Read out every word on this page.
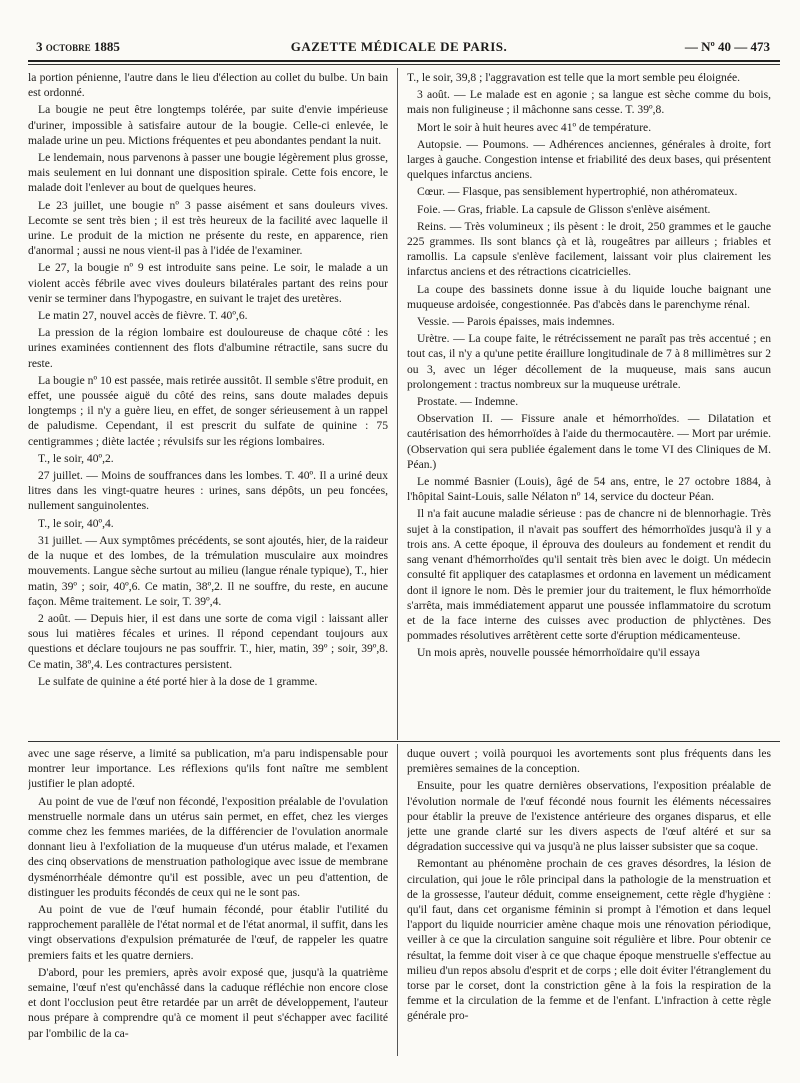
3 octobre 1885	GAZETTE MÉDICALE DE PARIS.	— Nº 40 — 473

la portion pénienne, l'autre dans le lieu d'élection au collet du bulbe. Un bain est ordonné.

La bougie ne peut être longtemps tolérée, par suite d'envie impérieuse d'uriner, impossible à satisfaire autour de la bougie. Celle-ci enlevée, le malade urine un peu. Mictions fréquentes et peu abondantes pendant la nuit.

Le lendemain, nous parvenons à passer une bougie légèrement plus grosse, mais seulement en lui donnant une disposition spirale. Cette fois encore, le malade doit l'enlever au bout de quelques heures.

Le 23 juillet, une bougie nº 3 passe aisément et sans douleurs vives. Lecomte se sent très bien ; il est très heureux de la facilité avec laquelle il urine. Le produit de la miction ne présente du reste, en apparence, rien d'anormal ; aussi ne nous vient-il pas à l'idée de l'examiner.

Le 27, la bougie nº 9 est introduite sans peine. Le soir, le malade a un violent accès fébrile avec vives douleurs bilatérales partant des reins pour venir se terminer dans l'hypogastre, en suivant le trajet des uretères.

Le matin 27, nouvel accès de fièvre. T. 40º,6.

La pression de la région lombaire est douloureuse de chaque côté : les urines examinées contiennent des flots d'albumine rétractile, sans sucre du reste.

La bougie nº 10 est passée, mais retirée aussitôt. Il semble s'être produit, en effet, une poussée aiguë du côté des reins, sans doute malades depuis longtemps ; il n'y a guère lieu, en effet, de songer sérieusement à un rappel de paludisme. Cependant, il est prescrit du sulfate de quinine : 75 centigrammes ; diète lactée ; révulsifs sur les régions lombaires.

T., le soir, 40º,2.

27 juillet. — Moins de souffrances dans les lombes. T. 40º. Il a uriné deux litres dans les vingt-quatre heures : urines, sans dépôts, un peu foncées, nullement sanguinolentes.

T., le soir, 40º,4.

31 juillet. — Aux symptômes précédents, se sont ajoutés, hier, de la raideur de la nuque et des lombes, de la trémulation musculaire aux moindres mouvements. Langue sèche surtout au milieu (langue rénale typique), T., hier matin, 39º ; soir, 40º,6. Ce matin, 38º,2. Il ne souffre, du reste, en aucune façon. Même traitement. Le soir, T. 39º,4.

2 août. — Depuis hier, il est dans une sorte de coma vigil : laissant aller sous lui matières fécales et urines. Il répond cependant toujours aux questions et déclare toujours ne pas souffrir. T., hier, matin, 39º ; soir, 39º,8. Ce matin, 38º,4. Les contractures persistent.

Le sulfate de quinine a été porté hier à la dose de 1 gramme.

T., le soir, 39,8 ; l'aggravation est telle que la mort semble peu éloignée.

3 août. — Le malade est en agonie ; sa langue est sèche comme du bois, mais non fuligineuse ; il mâchonne sans cesse. T. 39º,8.

Mort le soir à huit heures avec 41º de température.

Autopsie. — Poumons. — Adhérences anciennes, générales à droite, fort larges à gauche. Congestion intense et friabilité des deux bases, qui présentent quelques infarctus anciens.

Cœur. — Flasque, pas sensiblement hypertrophié, non athéromateux.

Foie. — Gras, friable. La capsule de Glisson s'enlève aisément.

Reins. — Très volumineux ; ils pèsent : le droit, 250 grammes et le gauche 225 grammes. Ils sont blancs çà et là, rougeâtres par ailleurs ; friables et ramollis. La capsule s'enlève facilement, laissant voir plus clairement les infarctus anciens et des rétractions cicatricielles.

La coupe des bassinets donne issue à du liquide louche baignant une muqueuse ardoisée, congestionnée. Pas d'abcès dans le parenchyme rénal.

Vessie. — Parois épaisses, mais indemnes.

Urètre. — La coupe faite, le rétrécissement ne paraît pas très accentué ; en tout cas, il n'y a qu'une petite éraillure longitudinale de 7 à 8 millimètres sur 2 ou 3, avec un léger décollement de la muqueuse, mais sans aucun prolongement : tractus nombreux sur la muqueuse urétrale.

Prostate. — Indemne.

Observation II. — Fissure anale et hémorrhoïdes. — Dilatation et cautérisation des hémorrhoïdes à l'aide du thermocautère. — Mort par urémie. (Observation qui sera publiée également dans le tome VI des Cliniques de M. Péan.)

Le nommé Basnier (Louis), âgé de 54 ans, entre, le 27 octobre 1884, à l'hôpital Saint-Louis, salle Nélaton nº 14, service du docteur Péan.

Il n'a fait aucune maladie sérieuse : pas de chancre ni de blennorhagie. Très sujet à la constipation, il n'avait pas souffert des hémorrhoïdes jusqu'à il y a trois ans. A cette époque, il éprouva des douleurs au fondement et rendit du sang venant d'hémorrhoïdes qu'il sentait très bien avec le doigt. Un médecin consulté fit appliquer des cataplasmes et ordonna en lavement un médicament dont il ignore le nom. Dès le premier jour du traitement, le flux hémorrhoïde s'arrêta, mais immédiatement apparut une poussée inflammatoire du scrotum et de la face interne des cuisses avec production de phlyctènes. Des pommades résolutives arrêtèrent cette sorte d'éruption médicamenteuse.

Un mois après, nouvelle poussée hémorrhoïdaire qu'il essaya

avec une sage réserve, a limité sa publication, m'a paru indispensable pour montrer leur importance. Les réflexions qu'ils font naître me semblent justifier le plan adopté.

Au point de vue de l'œuf non fécondé, l'exposition préalable de l'ovulation menstruelle normale dans un utérus sain permet, en effet, chez les vierges comme chez les femmes mariées, de la différencier de l'ovulation anormale donnant lieu à l'exfoliation de la muqueuse d'un utérus malade, et l'examen des cinq observations de menstruation pathologique avec issue de membrane dysménorrhéale démontre qu'il est possible, avec un peu d'attention, de distinguer les produits fécondés de ceux qui ne le sont pas.

Au point de vue de l'œuf humain fécondé, pour établir l'utilité du rapprochement parallèle de l'état normal et de l'état anormal, il suffit, dans les vingt observations d'expulsion prématurée de l'œuf, de rappeler les quatre premiers faits et les quatre derniers.

D'abord, pour les premiers, après avoir exposé que, jusqu'à la quatrième semaine, l'œuf n'est qu'enchâssé dans la caduque réfléchie non encore close et dont l'occlusion peut être retardée par un arrêt de développement, l'auteur nous prépare à comprendre qu'à ce moment il peut s'échapper avec facilité par l'ombilic de la ca-

duque ouvert ; voilà pourquoi les avortements sont plus fréquents dans les premières semaines de la conception.

Ensuite, pour les quatre dernières observations, l'exposition préalable de l'évolution normale de l'œuf fécondé nous fournit les éléments nécessaires pour établir la preuve de l'existence antérieure des organes disparus, et elle jette une grande clarté sur les divers aspects de l'œuf altéré et sur sa dégradation successive qui va jusqu'à ne plus laisser subsister que sa coque.

Remontant au phénomène prochain de ces graves désordres, la lésion de circulation, qui joue le rôle principal dans la pathologie de la menstruation et de la grossesse, l'auteur déduit, comme enseignement, cette règle d'hygiène : qu'il faut, dans cet organisme féminin si prompt à l'émotion et dans lequel l'apport du liquide nourricier amène chaque mois une rénovation périodique, veiller à ce que la circulation sanguine soit régulière et libre. Pour obtenir ce résultat, la femme doit viser à ce que chaque époque menstruelle s'effectue au milieu d'un repos absolu d'esprit et de corps ; elle doit éviter l'étranglement du torse par le corset, dont la constriction gêne à la fois la respiration de la femme et la circulation de la femme et de l'enfant. L'infraction à cette règle générale pro-
